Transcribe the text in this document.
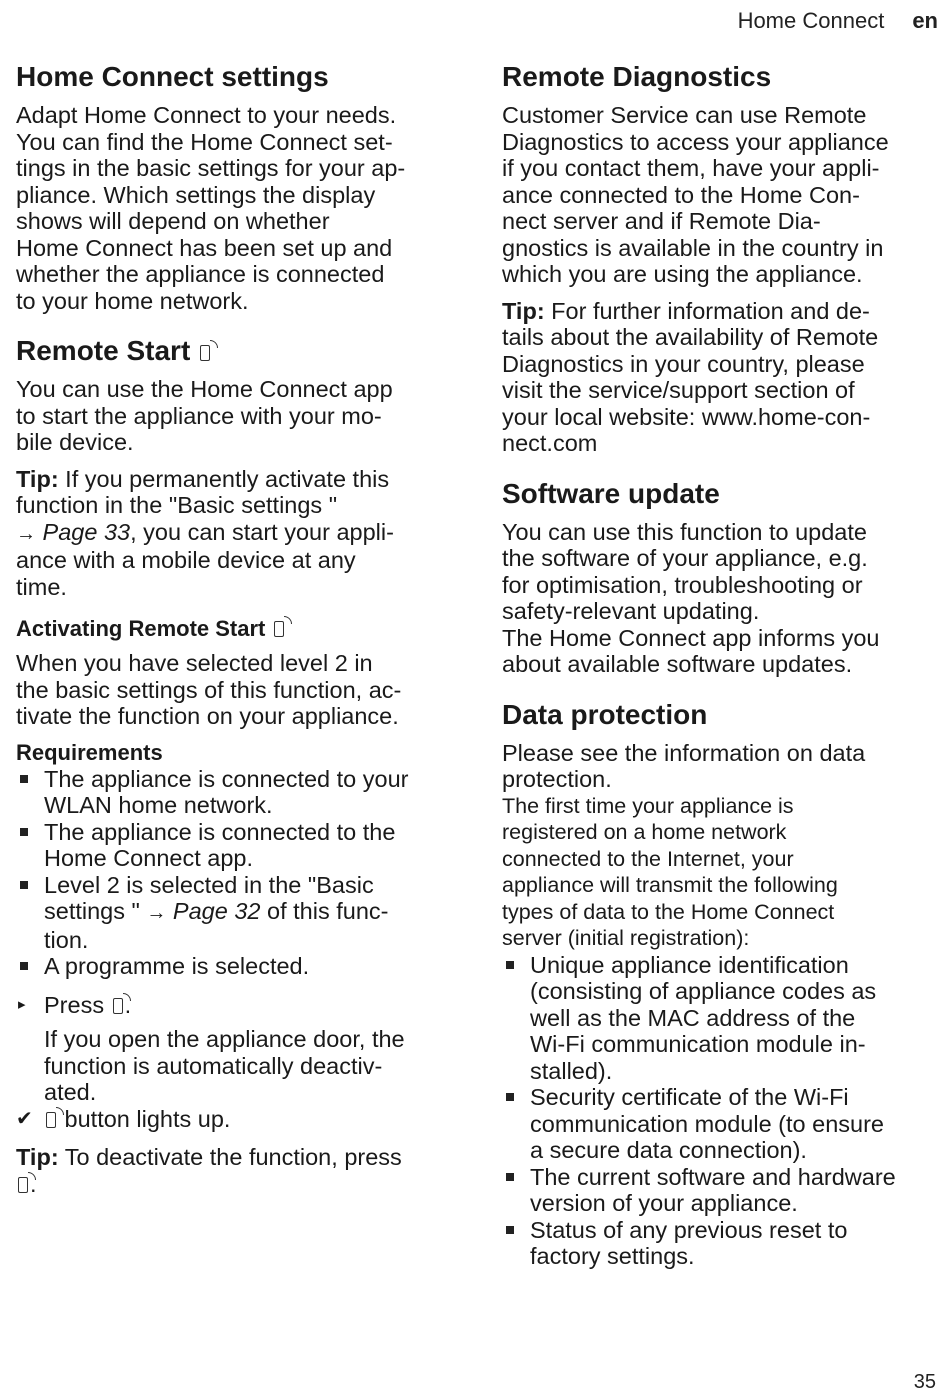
Home Connect en
Home Connect settings

Adapt Home Connect to your needs.
You can find the Home Connect set-
tings in the basic settings for your ap-
pliance. Which settings the display
shows will depend on whether
Home Connect has been set up and
whether the appliance is connected
to your home network.

Remote Start

You can use the Home Connect app
to start the appliance with your mo-
bile device.

Tip: If you permanently activate this
function in the "Basic settings "
→ Page 33, you can start your appli-
ance with a mobile device at any
time.

Activating Remote Start

When you have selected level 2 in
the basic settings of this function, ac-
tivate the function on your appliance.

Requirements
The appliance is connected to your
WLAN home network.
The appliance is connected to the
Home Connect app.
Level 2 is selected in the "Basic
settings " → Page 32 of this func-
tion.
A programme is selected.
▸ Press .
If you open the appliance door, the
function is automatically deactiv-
ated.
✔ button lights up.

Tip: To deactivate the function, press
.

Remote Diagnostics

Customer Service can use Remote
Diagnostics to access your appliance
if you contact them, have your appli-
ance connected to the Home Con-
nect server and if Remote Dia-
gnostics is available in the country in
which you are using the appliance.

Tip: For further information and de-
tails about the availability of Remote
Diagnostics in your country, please
visit the service/support section of
your local website: www.home-con-
nect.com

Software update

You can use this function to update
the software of your appliance, e.g.
for optimisation, troubleshooting or
safety-relevant updating.
The Home Connect app informs you
about available software updates.

Data protection

Please see the information on data
protection.

The first time your appliance is
registered on a home network
connected to the Internet, your
appliance will transmit the following
types of data to the Home Connect
server (initial registration):

Unique appliance identification
(consisting of appliance codes as
well as the MAC address of the
Wi-Fi communication module in-
stalled).
Security certificate of the Wi-Fi
communication module (to ensure
a secure data connection).
The current software and hardware
version of your appliance.
Status of any previous reset to
factory settings.
35
